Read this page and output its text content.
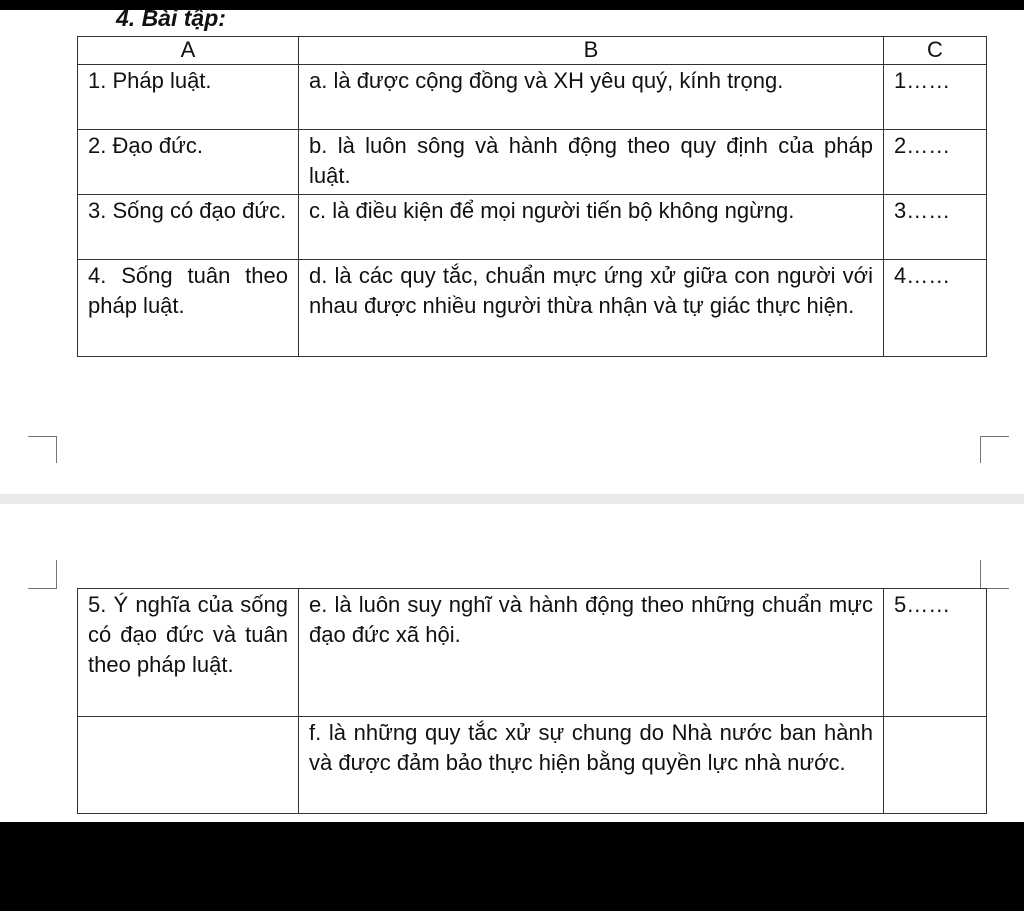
4. Bài tập:
A	B	C
1. Pháp luật.	a. là được cộng đồng và XH yêu quý, kính trọng.	1……
2. Đạo đức.	b. là luôn sông và hành động theo quy định của pháp luật.	2……
3. Sống có đạo đức.	c. là điều kiện để mọi người tiến bộ không ngừng.	3……
4. Sống tuân theo pháp luật.	d. là các quy tắc, chuẩn mực ứng xử giữa con người với nhau được nhiều người thừa nhận và tự giác thực hiện.	4……
5. Ý nghĩa của sống có đạo đức và tuân theo pháp luật.	e. là luôn suy nghĩ và hành động theo những chuẩn mực đạo đức xã hội.	5……
	f. là những quy tắc xử sự chung do Nhà nước ban hành và được đảm bảo thực hiện bằng quyền lực nhà nước.	
